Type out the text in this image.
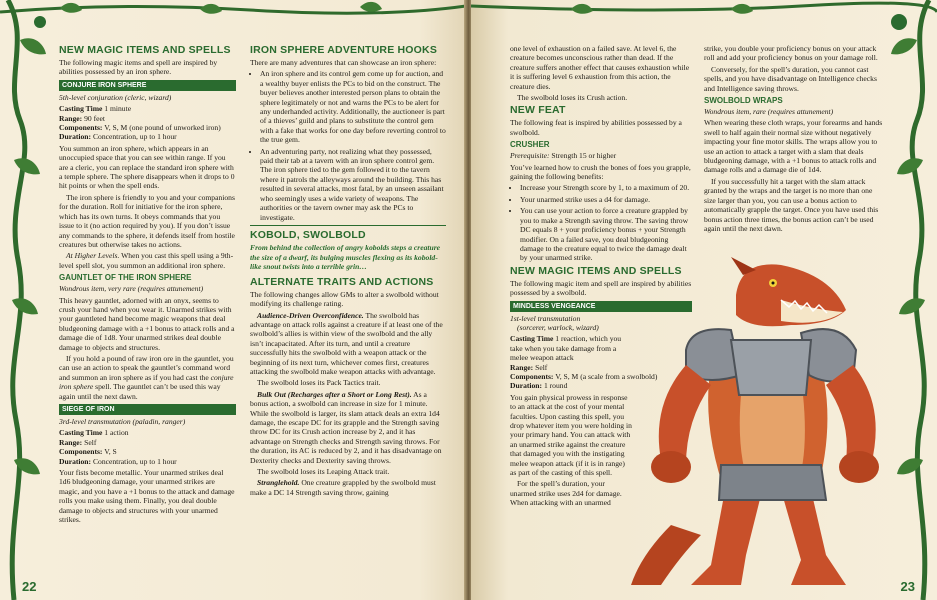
NEW MAGIC ITEMS AND SPELLS

The following magic items and spell are inspired by abilities possessed by an iron sphere.

CONJURE IRON SPHERE

5th-level conjuration (cleric, wizard)

Casting Time 1 minute

Range: 90 feet

Components: V, S, M (one pound of unworked iron)

Duration: Concentration, up to 1 hour

You summon an iron sphere, which appears in an unoccupied space that you can see within range. If you are a cleric, you can replace the standard iron sphere with a temple sphere. The sphere disappears when it drops to 0 hit points or when the spell ends.

The iron sphere is friendly to you and your companions for the duration. Roll for initiative for the iron sphere, which has its own turns. It obeys commands that you issue to it (no action required by you). If you don’t issue any commands to the sphere, it defends itself from hostile creatures but otherwise takes no actions.

At Higher Levels. When you cast this spell using a 9th-level spell slot, you summon an additional iron sphere.

GAUNTLET OF THE IRON SPHERE

Wondrous item, very rare (requires attunement)

This heavy gauntlet, adorned with an onyx, seems to crush your hand when you wear it. Unarmed strikes with your gauntleted hand become magic weapons that deal bludgeoning damage with a +1 bonus to attack rolls and a damage die of 1d8. Your unarmed strikes deal double damage to objects and structures.

If you hold a pound of raw iron ore in the gauntlet, you can use an action to speak the gauntlet’s command word and summon an iron sphere as if you had cast the conjure iron sphere spell. The gauntlet can’t be used this way again until the next dawn.

SIEGE OF IRON

3rd-level transmutation (paladin, ranger)

Casting Time 1 action

Range: Self

Components: V, S

Duration: Concentration, up to 1 hour

Your fists become metallic. Your unarmed strikes deal 1d6 bludgeoning damage, your unarmed strikes are magic, and you have a +1 bonus to the attack and damage rolls you make using them. Finally, you deal double damage to objects and structures with your unarmed strikes.

IRON SPHERE ADVENTURE HOOKS

There are many adventures that can showcase an iron sphere:

• An iron sphere and its control gem come up for auction, and a wealthy buyer enlists the PCs to bid on the construct. The buyer believes another interested person plans to obtain the sphere legitimately or not and warns the PCs to be alert for any underhanded activity. Additionally, the auctioneer is part of a thieves’ guild and plans to substitute the control gem with a fake that works for one day before reverting control to the true gem.
• An adventuring party, not realizing what they possessed, paid their tab at a tavern with an iron sphere control gem. The iron sphere tied to the gem followed it to the tavern where it patrols the alleyways around the building. This has resulted in several attacks, most fatal, by an unseen assailant who seemingly uses a wide variety of weapons. The authorities or the tavern owner may ask the PCs to investigate.
KOBOLD, SWOLBOLD
From behind the collection of angry kobolds steps a creature the size of a dwarf, its bulging muscles flexing as its kobold-like snout twists into a terrible grin…
ALTERNATE TRAITS AND ACTIONS

The following changes allow GMs to alter a swolbold without modifying its challenge rating.

Audience-Driven Overconfidence. The swolbold has advantage on attack rolls against a creature if at least one of the swolbold’s allies is within view of the swolbold and the ally isn’t incapacitated. After its turn, and until a creature successfully hits the swolbold with a weapon attack or the beginning of its next turn, whichever comes first, creatures attacking the swolbold make weapon attacks with advantage.

The swolbold loses its Pack Tactics trait.

Bulk Out (Recharges after a Short or Long Rest). As a bonus action, a swolbold can increase in size for 1 minute. While the swolbold is larger, its slam attack deals an extra 1d4 damage, the escape DC for its grapple and the Strength saving throw DC for its Crush action increase by 2, and it has advantage on Strength checks and Strength saving throws. For the duration, its AC is reduced by 2, and it has disadvantage on Dexterity checks and Dexterity saving throws.

The swolbold loses its Leaping Attack trait.

Stranglehold. One creature grappled by the swolbold must make a DC 14 Strength saving throw, gaining

22

one level of exhaustion on a failed save. At level 6, the creature becomes unconscious rather than dead. If the creature suffers another effect that causes exhaustion while it is suffering level 6 exhaustion from this action, the creature dies.

The swolbold loses its Crush action.

NEW FEAT

The following feat is inspired by abilities possessed by a swolbold.

CRUSHER

Prerequisite: Strength 15 or higher

You’ve learned how to crush the bones of foes you grapple, gaining the following benefits:

• Increase your Strength score by 1, to a maximum of 20.
• Your unarmed strike uses a d4 for damage.
• You can use your action to force a creature grappled by you to make a Strength saving throw. The saving throw DC equals 8 + your proficiency bonus + your Strength modifier. On a failed save, you deal bludgeoning damage to the creature equal to twice the damage dealt by your unarmed strike.
NEW MAGIC ITEMS AND SPELLS

The following magic item and spell are inspired by abilities possessed by a swolbold.

MINDLESS VENGEANCE

1st-level transmutation

(sorcerer, warlock, wizard)

Casting Time 1 reaction, which you take when you take damage from a melee weapon attack

Range: Self

Components: V, S, M (a scale from a swolbold)

Duration: 1 round

You gain physical prowess in response to an attack at the cost of your mental faculties. Upon casting this spell, you drop whatever item you were holding in your primary hand. You can attack with an unarmed strike against the creature that damaged you with the instigating melee weapon attack (if it is in range) as part of the casting of this spell.

For the spell’s duration, your unarmed strike uses 2d4 for damage. When attacking with an unarmed

strike, you double your proficiency bonus on your attack roll and add your proficiency bonus on your damage roll.

Conversely, for the spell’s duration, you cannot cast spells, and you have disadvantage on Intelligence checks and Intelligence saving throws.

SWOLBOLD WRAPS

Wondrous item, rare (requires attunement)

When wearing these cloth wraps, your forearms and hands swell to half again their normal size without negatively impacting your fine motor skills. The wraps allow you to use an action to attack a target with a slam that deals bludgeoning damage, with a +1 bonus to attack rolls and damage rolls and a damage die of 1d4.

If you successfully hit a target with the slam attack granted by the wraps and the target is no more than one size larger than you, you can use a bonus action to automatically grapple the target. Once you have used this bonus action three times, the bonus action can’t be used again until the next dawn.

23
